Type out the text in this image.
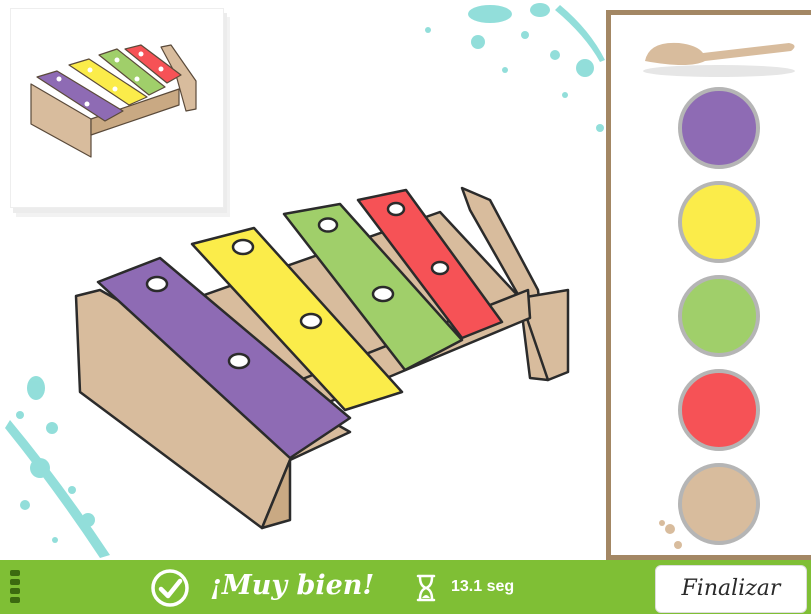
¡Muy bien!	13.1 seg	Finalizar
